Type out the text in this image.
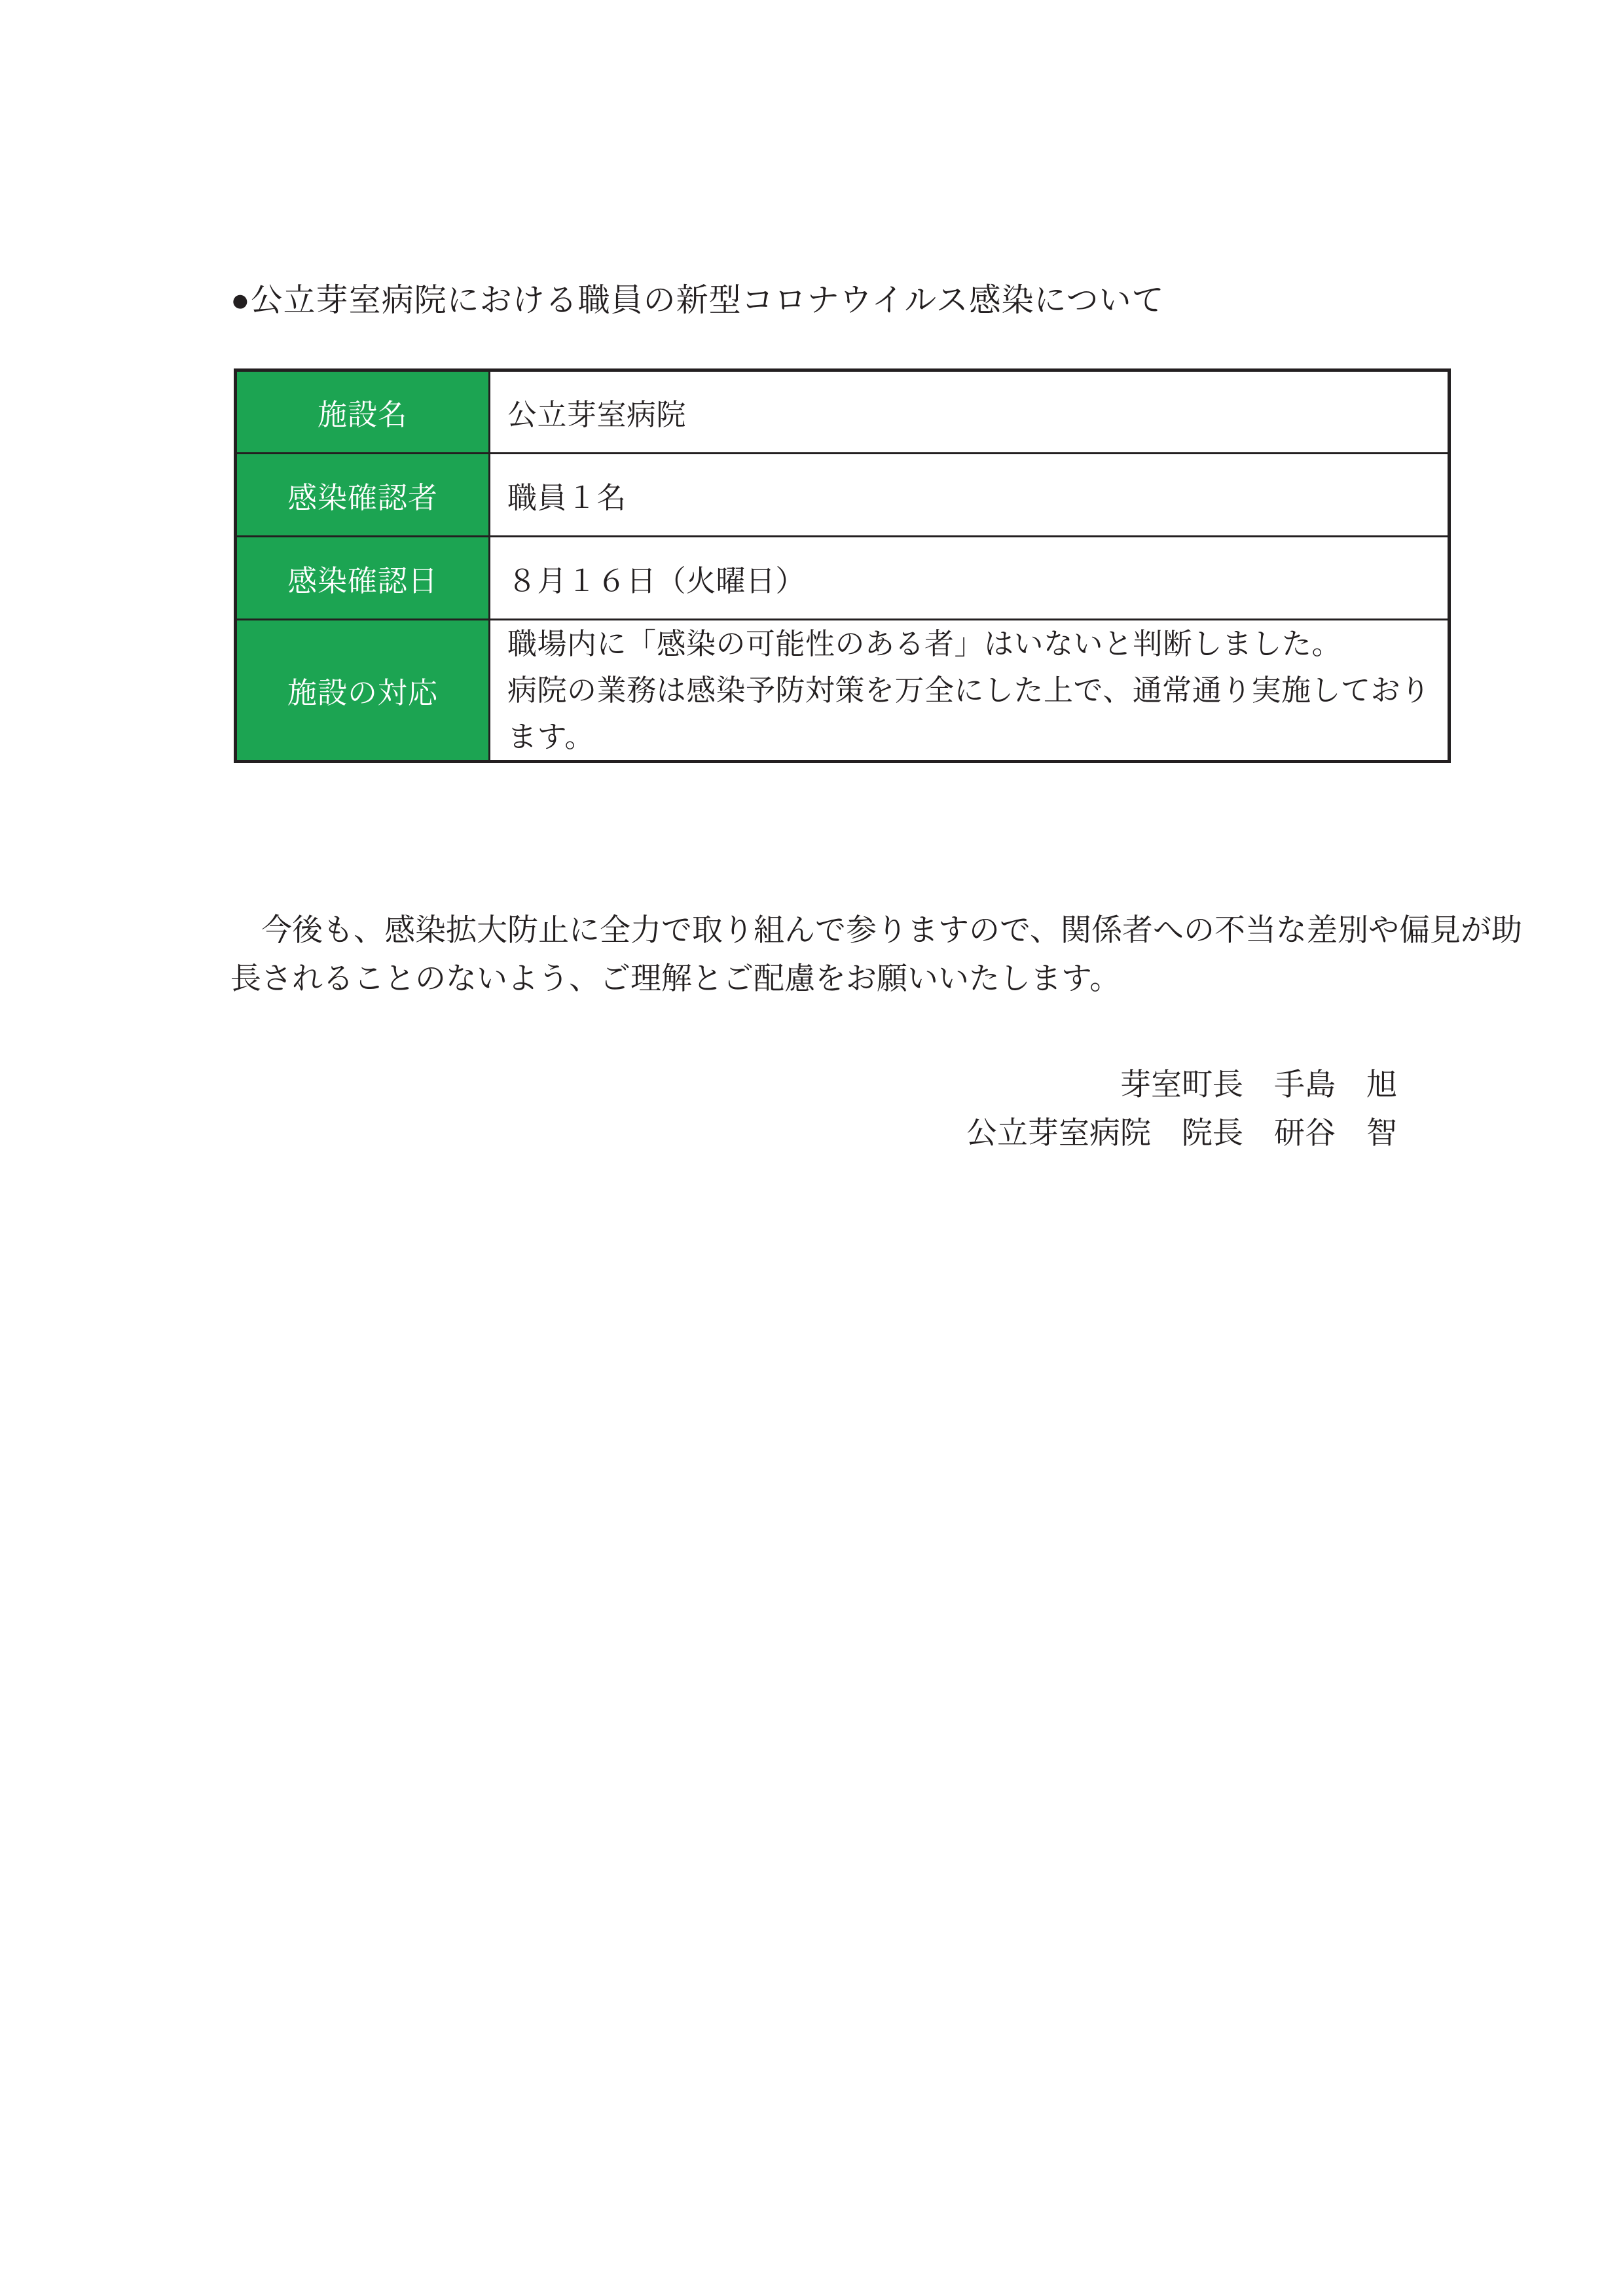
●公立芽室病院における職員の新型コロナウイルス感染について
施設名	公立芽室病院

感染確認者	職員１名

感染確認日	８月１６日（火曜日）

施設の対応	職場内に「感染の可能性のある者」はいないと判断しました。
病院の業務は感染予防対策を万全にした上で、通常通り実施しており
ます。
　今後も、感染拡大防止に全力で取り組んで参りますので、関係者への不当な差別や偏見が助
長されることのないよう、ご理解とご配慮をお願いいたします。
芽室町長　手島　旭
公立芽室病院　院長　研谷　智
